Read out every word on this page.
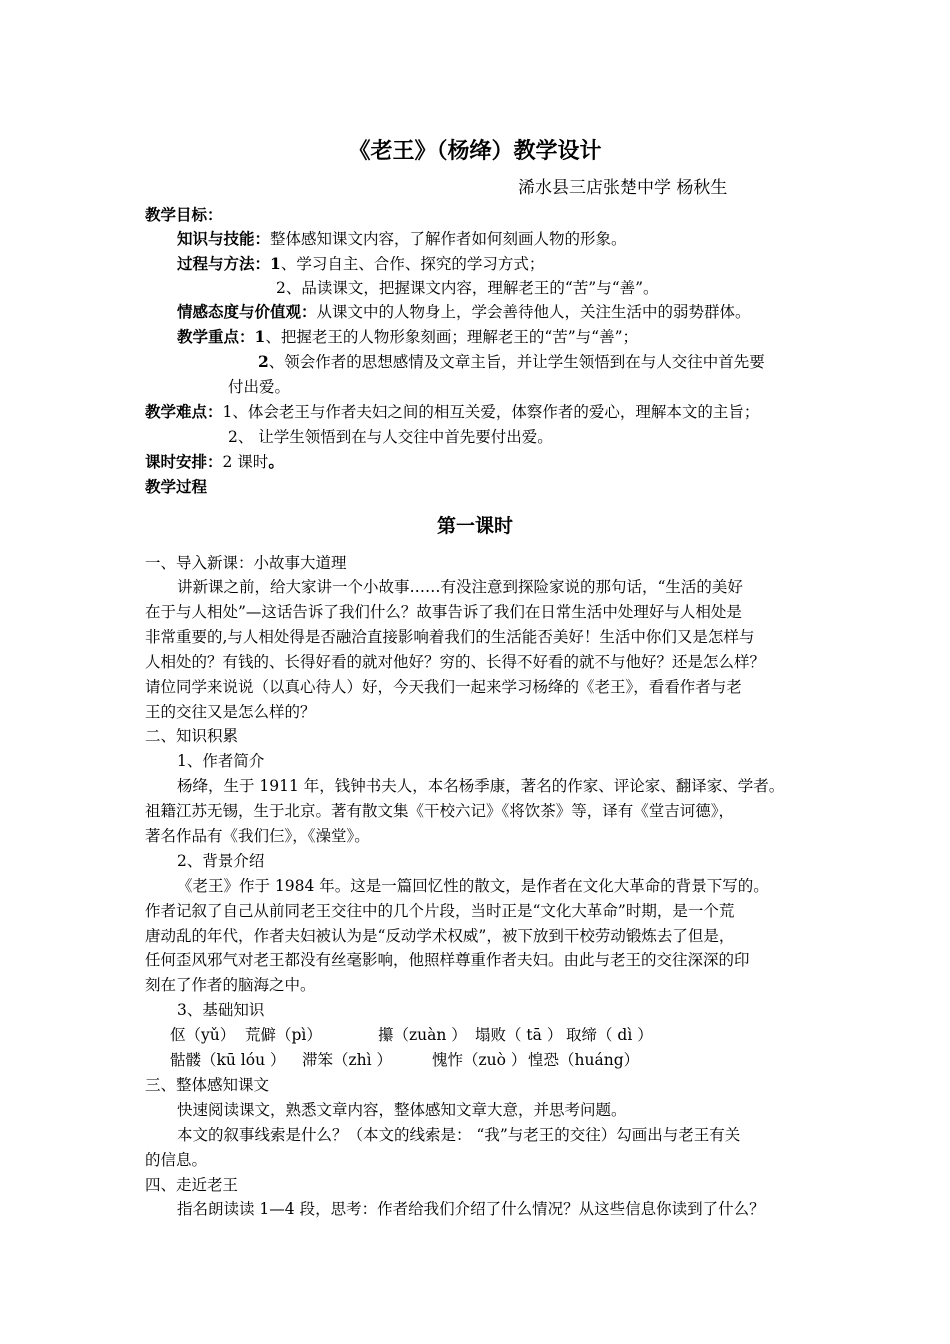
《老王》（杨绛）教学设计
浠水县三店张楚中学 杨秋生
教学目标：
知识与技能：整体感知课文内容，了解作者如何刻画人物的形象。
过程与方法：1、学习自主、合作、探究的学习方式；
2、品读课文，把握课文内容，理解老王的“苦”与“善”。
情感态度与价值观：从课文中的人物身上，学会善待他人，关注生活中的弱势群体。
教学重点：1、把握老王的人物形象刻画；理解老王的“苦”与“善”；
2、领会作者的思想感情及文章主旨，并让学生领悟到在与人交往中首先要
付出爱。
教学难点：1、体会老王与作者夫妇之间的相互关爱，体察作者的爱心，理解本文的主旨；
2、 让学生领悟到在与人交往中首先要付出爱。
课时安排：2 课时。
教学过程
第一课时
一、导入新课：小故事大道理
讲新课之前，给大家讲一个小故事……有没注意到探险家说的那句话，“生活的美好
在于与人相处”—这话告诉了我们什么？故事告诉了我们在日常生活中处理好与人相处是
非常重要的,与人相处得是否融洽直接影响着我们的生活能否美好！生活中你们又是怎样与
人相处的？有钱的、长得好看的就对他好？穷的、长得不好看的就不与他好？还是怎么样？
请位同学来说说（以真心待人）好，今天我们一起来学习杨绛的《老王》，看看作者与老
王的交往又是怎么样的？
二、知识积累
1、作者简介
杨绛，生于 1911 年，钱钟书夫人，本名杨季康，著名的作家、评论家、翻译家、学者。
祖籍江苏无锡，生于北京。著有散文集《干校六记》《将饮茶》等，译有《堂吉诃德》，
著名作品有《我们仨》，《澡堂》。
2、背景介绍
《老王》作于 1984 年。这是一篇回忆性的散文，是作者在文化大革命的背景下写的。
作者记叙了自己从前同老王交往中的几个片段，当时正是“文化大革命”时期，是一个荒
唐动乱的年代，作者夫妇被认为是“反动学术权威”，被下放到干校劳动锻炼去了但是，
任何歪风邪气对老王都没有丝毫影响，他照样尊重作者夫妇。由此与老王的交往深深的印
刻在了作者的脑海之中。
3、基础知识
伛（yǔ） 荒僻（pì）	攥（zuàn ） 塌败（ tā ） 取缔（ dì ）
骷髅（kū lóu ） 滞笨（zhì ）	愧怍（zuò ） 惶恐（huáng）
三、整体感知课文
快速阅读课文，熟悉文章内容，整体感知文章大意，并思考问题。
本文的叙事线索是什么？（本文的线索是： “我”与老王的交往）勾画出与老王有关
的信息。
四、走近老王
指名朗读读 1—4 段，思考：作者给我们介绍了什么情况？从这些信息你读到了什么？
